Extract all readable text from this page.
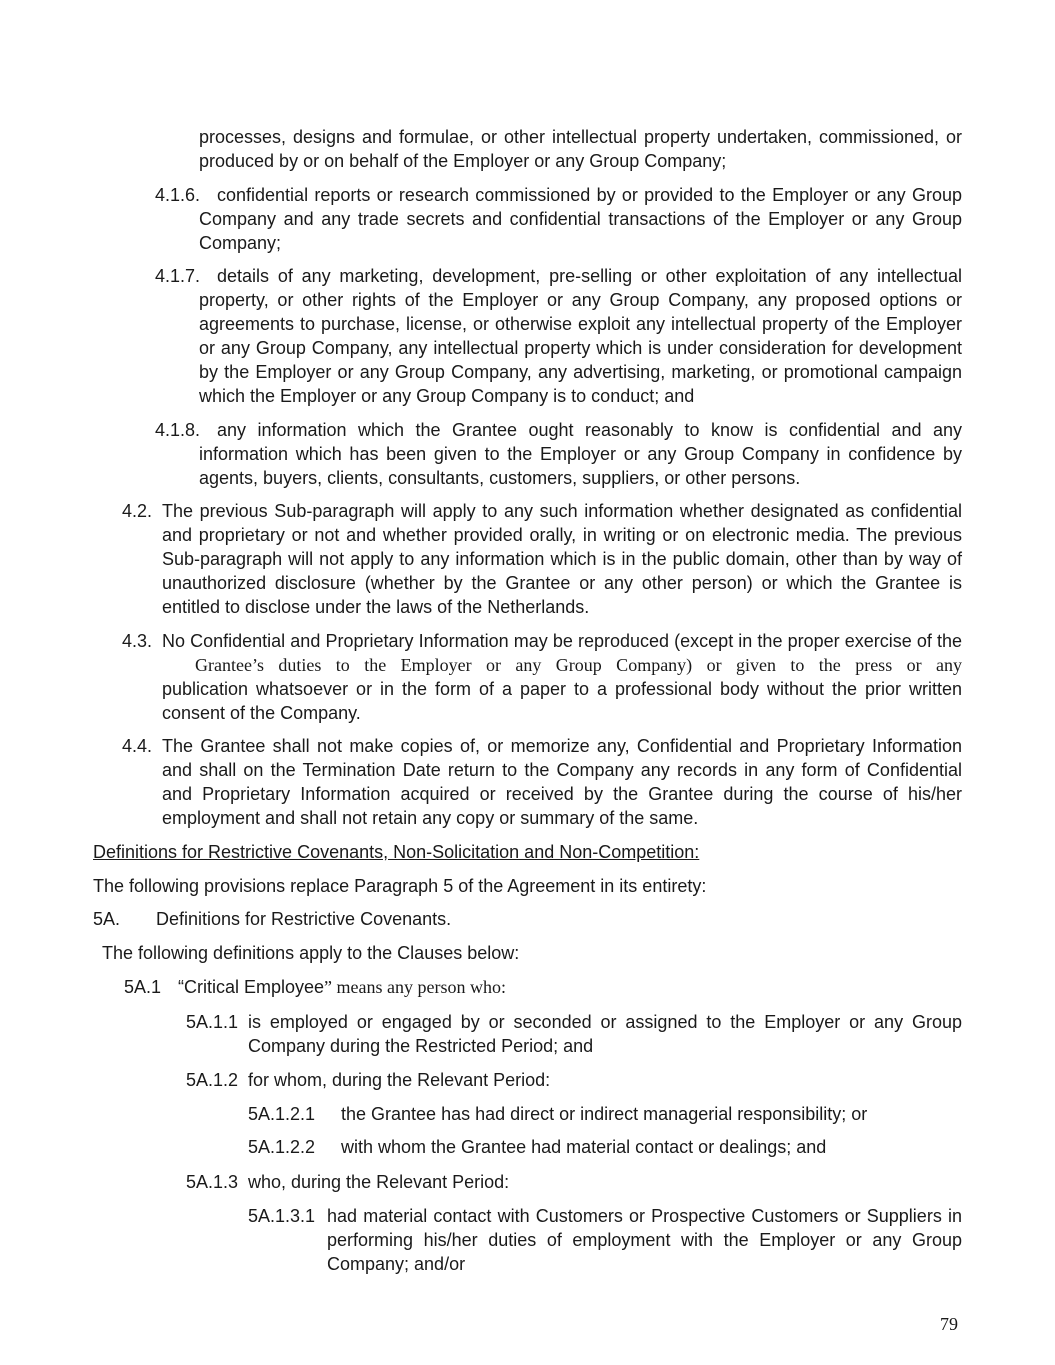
processes, designs and formulae, or other intellectual property undertaken, commissioned, or produced by or on behalf of the Employer or any Group Company;
4.1.6. confidential reports or research commissioned by or provided to the Employer or any Group Company and any trade secrets and confidential transactions of the Employer or any Group Company;
4.1.7. details of any marketing, development, pre-selling or other exploitation of any intellectual property, or other rights of the Employer or any Group Company, any proposed options or agreements to purchase, license, or otherwise exploit any intellectual property of the Employer or any Group Company, any intellectual property which is under consideration for development by the Employer or any Group Company, any advertising, marketing, or promotional campaign which the Employer or any Group Company is to conduct; and
4.1.8. any information which the Grantee ought reasonably to know is confidential and any information which has been given to the Employer or any Group Company in confidence by agents, buyers, clients, consultants, customers, suppliers, or other persons.
4.2. The previous Sub-paragraph will apply to any such information whether designated as confidential and proprietary or not and whether provided orally, in writing or on electronic media. The previous Sub-paragraph will not apply to any information which is in the public domain, other than by way of unauthorized disclosure (whether by the Grantee or any other person) or which the Grantee is entitled to disclose under the laws of the Netherlands.
4.3. No Confidential and Proprietary Information may be reproduced (except in the proper exercise of the
Grantee’s duties to the Employer or any Group Company) or given to the press or any
publication whatsoever or in the form of a paper to a professional body without the prior written consent of the Company.
4.4. The Grantee shall not make copies of, or memorize any, Confidential and Proprietary Information and shall on the Termination Date return to the Company any records in any form of Confidential and Proprietary Information acquired or received by the Grantee during the course of his/her employment and shall not retain any copy or summary of the same.
Definitions for Restrictive Covenants, Non-Solicitation and Non-Competition:
The following provisions replace Paragraph 5 of the Agreement in its entirety:
5A. Definitions for Restrictive Covenants.
The following definitions apply to the Clauses below:
5A.1 “Critical Employee” means any person who:
5A.1.1 is employed or engaged by or seconded or assigned to the Employer or any Group Company during the Restricted Period; and
5A.1.2 for whom, during the Relevant Period:
5A.1.2.1 the Grantee has had direct or indirect managerial responsibility; or
5A.1.2.2 with whom the Grantee had material contact or dealings; and
5A.1.3 who, during the Relevant Period:
5A.1.3.1 had material contact with Customers or Prospective Customers or Suppliers in performing his/her duties of employment with the Employer or any Group Company; and/or
79
